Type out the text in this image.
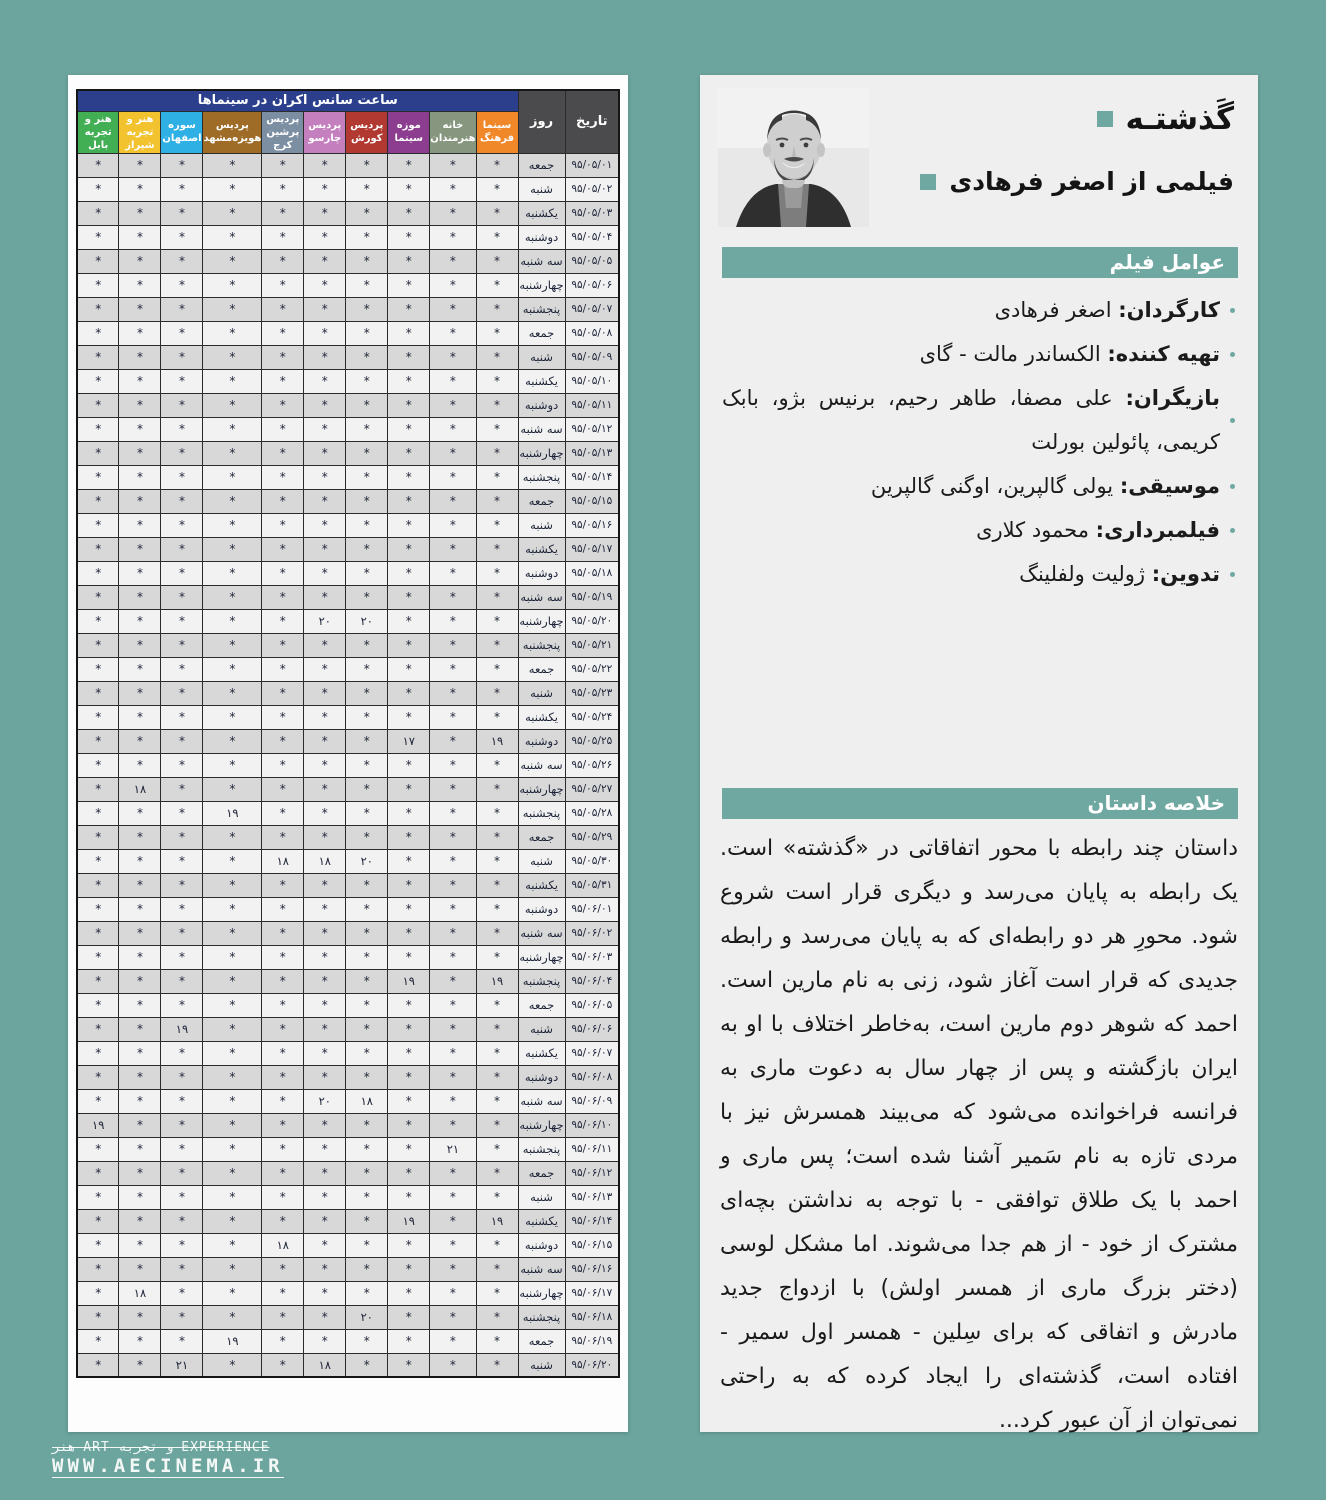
تاریخ	روز	ساعت سانس اکران در سینماها									
		سینما فرهنگ	خانه هنرمندان	موزه سینما	پردیس کورش	پردیس چارسو	پردیس پرشین کرج	پردیس هویزه‌مشهد	سوره اصفهان	هنر و تجربه شیراز	هنر و تجربه بابل
۹۵/۰۵/۰۱	جمعه	*	*	*	*	*	*	*	*	*	*
۹۵/۰۵/۰۲	شنبه	*	*	*	*	*	*	*	*	*	*
۹۵/۰۵/۰۳	یکشنبه	*	*	*	*	*	*	*	*	*	*
۹۵/۰۵/۰۴	دوشنبه	*	*	*	*	*	*	*	*	*	*
۹۵/۰۵/۰۵	سه شنبه	*	*	*	*	*	*	*	*	*	*
۹۵/۰۵/۰۶	چهارشنبه	*	*	*	*	*	*	*	*	*	*
۹۵/۰۵/۰۷	پنجشنبه	*	*	*	*	*	*	*	*	*	*
۹۵/۰۵/۰۸	جمعه	*	*	*	*	*	*	*	*	*	*
۹۵/۰۵/۰۹	شنبه	*	*	*	*	*	*	*	*	*	*
۹۵/۰۵/۱۰	یکشنبه	*	*	*	*	*	*	*	*	*	*
۹۵/۰۵/۱۱	دوشنبه	*	*	*	*	*	*	*	*	*	*
۹۵/۰۵/۱۲	سه شنبه	*	*	*	*	*	*	*	*	*	*
۹۵/۰۵/۱۳	چهارشنبه	*	*	*	*	*	*	*	*	*	*
۹۵/۰۵/۱۴	پنجشنبه	*	*	*	*	*	*	*	*	*	*
۹۵/۰۵/۱۵	جمعه	*	*	*	*	*	*	*	*	*	*
۹۵/۰۵/۱۶	شنبه	*	*	*	*	*	*	*	*	*	*
۹۵/۰۵/۱۷	یکشنبه	*	*	*	*	*	*	*	*	*	*
۹۵/۰۵/۱۸	دوشنبه	*	*	*	*	*	*	*	*	*	*
۹۵/۰۵/۱۹	سه شنبه	*	*	*	*	*	*	*	*	*	*
۹۵/۰۵/۲۰	چهارشنبه	*	*	*	۲۰	۲۰	*	*	*	*	*
۹۵/۰۵/۲۱	پنجشنبه	*	*	*	*	*	*	*	*	*	*
۹۵/۰۵/۲۲	جمعه	*	*	*	*	*	*	*	*	*	*
۹۵/۰۵/۲۳	شنبه	*	*	*	*	*	*	*	*	*	*
۹۵/۰۵/۲۴	یکشنبه	*	*	*	*	*	*	*	*	*	*
۹۵/۰۵/۲۵	دوشنبه	۱۹	*	۱۷	*	*	*	*	*	*	*
۹۵/۰۵/۲۶	سه شنبه	*	*	*	*	*	*	*	*	*	*
۹۵/۰۵/۲۷	چهارشنبه	*	*	*	*	*	*	*	*	۱۸	*
۹۵/۰۵/۲۸	پنجشنبه	*	*	*	*	*	*	۱۹	*	*	*
۹۵/۰۵/۲۹	جمعه	*	*	*	*	*	*	*	*	*	*
۹۵/۰۵/۳۰	شنبه	*	*	*	۲۰	۱۸	۱۸	*	*	*	*
۹۵/۰۵/۳۱	یکشنبه	*	*	*	*	*	*	*	*	*	*
۹۵/۰۶/۰۱	دوشنبه	*	*	*	*	*	*	*	*	*	*
۹۵/۰۶/۰۲	سه شنبه	*	*	*	*	*	*	*	*	*	*
۹۵/۰۶/۰۳	چهارشنبه	*	*	*	*	*	*	*	*	*	*
۹۵/۰۶/۰۴	پنجشنبه	۱۹	*	۱۹	*	*	*	*	*	*	*
۹۵/۰۶/۰۵	جمعه	*	*	*	*	*	*	*	*	*	*
۹۵/۰۶/۰۶	شنبه	*	*	*	*	*	*	*	۱۹	*	*
۹۵/۰۶/۰۷	یکشنبه	*	*	*	*	*	*	*	*	*	*
۹۵/۰۶/۰۸	دوشنبه	*	*	*	*	*	*	*	*	*	*
۹۵/۰۶/۰۹	سه شنبه	*	*	*	۱۸	۲۰	*	*	*	*	*
۹۵/۰۶/۱۰	چهارشنبه	*	*	*	*	*	*	*	*	*	۱۹
۹۵/۰۶/۱۱	پنجشنبه	*	۲۱	*	*	*	*	*	*	*	*
۹۵/۰۶/۱۲	جمعه	*	*	*	*	*	*	*	*	*	*
۹۵/۰۶/۱۳	شنبه	*	*	*	*	*	*	*	*	*	*
۹۵/۰۶/۱۴	یکشنبه	۱۹	*	۱۹	*	*	*	*	*	*	*
۹۵/۰۶/۱۵	دوشنبه	*	*	*	*	*	۱۸	*	*	*	*
۹۵/۰۶/۱۶	سه شنبه	*	*	*	*	*	*	*	*	*	*
۹۵/۰۶/۱۷	چهارشنبه	*	*	*	*	*	*	*	*	۱۸	*
۹۵/۰۶/۱۸	پنجشنبه	*	*	*	۲۰	*	*	*	*	*	*
۹۵/۰۶/۱۹	جمعه	*	*	*	*	*	*	۱۹	*	*	*
۹۵/۰۶/۲۰	شنبه	*	*	*	*	۱۸	*	*	۲۱	*	*
گَذشتـه
فیلمی از اصغر فرهادی
عوامل فیلم
کارگردان: اصغر فرهادی
تهیه کننده: الکساندر مالت - گای
بازیگران: علی مصفا، طاهر رحیم، برنیس بژو، بابک کریمی، پائولین بورلت
موسیقی: یولی گالپرین، اوگنی گالپرین
فیلمبرداری: محمود کلاری
تدوین: ژولیت ولفلینگ
خلاصه داستان
داستان چند رابطه با محور اتفاقاتی در «گذشته» است. یک رابطه به پایان می‌رسد و دیگری قرار است شروع شود. محورِ هر دو رابطه‌ای که به پایان می‌رسد و رابطه جدیدی که قرار است آغاز شود، زنی به نام مارین است. احمد که شوهر دوم مارین است، به‌خاطر اختلاف با او به ایران بازگشته و پس از چهار سال به دعوت ماری به فرانسه فراخوانده می‌شود که می‌بیند همسرش نیز با مردی تازه به نام سَمیر آشنا شده است؛ پس ماری و احمد با یک طلاق توافقی - با توجه به نداشتن بچه‌ای مشترک از خود - از هم جدا می‌شوند. اما مشکل لوسی (دختر بزرگ ماری از همسر اولش) با ازدواج جدید مادرش و اتفاقی که برای سِلین - همسر اول سمیر - افتاده است، گذشته‌ای را ایجاد کرده که به راحتی نمی‌توان از آن عبور کرد...
هنر ART و تجربه EXPERIENCE
WWW.AECINEMA.IR
